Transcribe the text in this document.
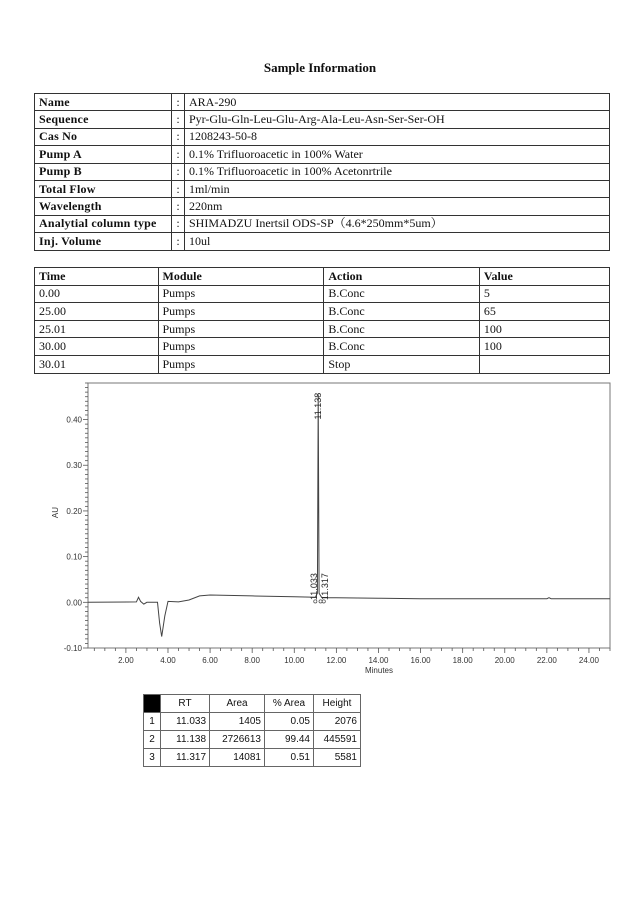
Sample Information
Name	:	ARA-290
Sequence	:	Pyr-Glu-Gln-Leu-Glu-Arg-Ala-Leu-Asn-Ser-Ser-OH
Cas No	:	1208243-50-8
Pump A	:	0.1% Trifluoroacetic in 100% Water
Pump B	:	0.1% Trifluoroacetic in 100% Acetonrtrile
Total Flow	:	1ml/min
Wavelength	:	220nm
Analytial column type	:	SHIMADZU Inertsil ODS-SP（4.6*250mm*5um）
Inj. Volume	:	10ul
Time	Module	Action	Value
0.00	Pumps	B.Conc	5
25.00	Pumps	B.Conc	65
25.01	Pumps	B.Conc	100
30.00	Pumps	B.Conc	100
30.01	Pumps	Stop	
-0.10
0.00
0.10
0.20
0.30
0.40
2.00	4.00	6.00	8.00	10.00	12.00	14.00	16.00	18.00	20.00	22.00	24.00
Minutes
AU
11.033
11.138
11.317
	RT	Area	% Area	Height
1	11.033	1405	0.05	2076
2	11.138	2726613	99.44	445591
3	11.317	14081	0.51	5581
